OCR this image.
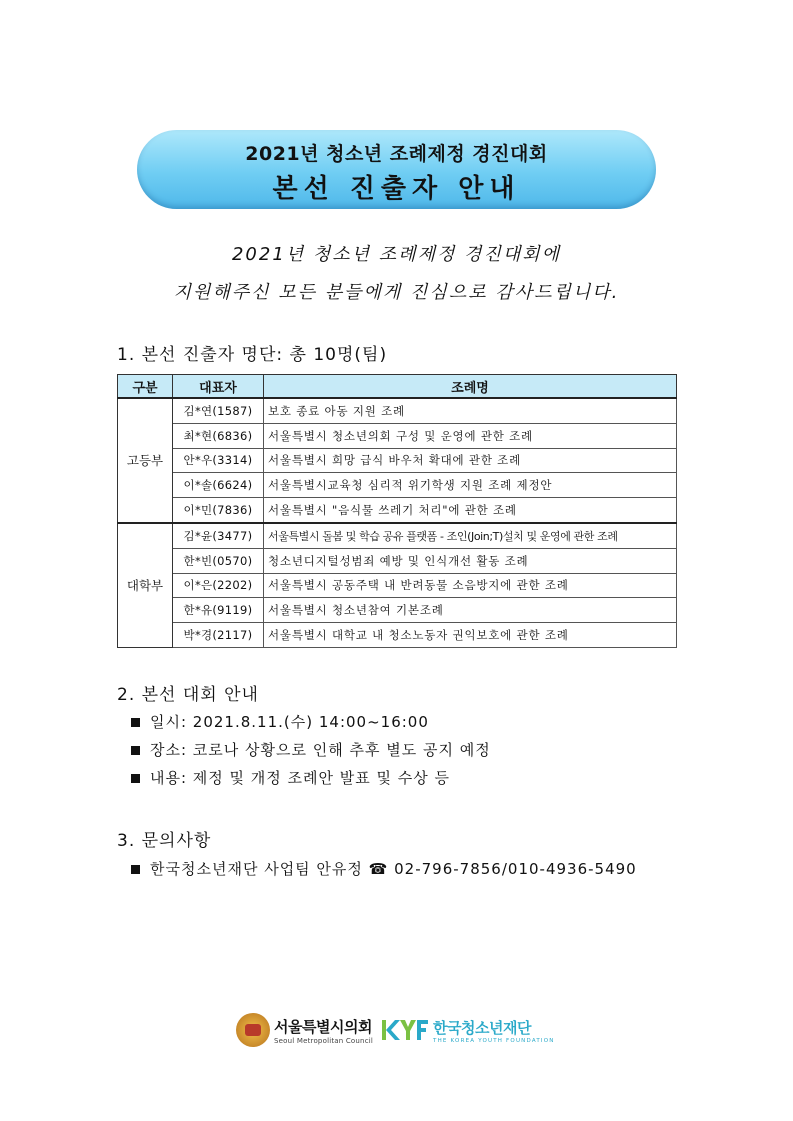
2021년 청소년 조례제정 경진대회
본선 진출자 안내
2021년 청소년 조례제정 경진대회에
지원해주신 모든 분들에게 진심으로 감사드립니다.
1. 본선 진출자 명단: 총 10명(팀)
구분	대표자	조례명
고등부	김*연(1587)	보호 종료 아동 지원 조례
	최*현(6836)	서울특별시 청소년의회 구성 및 운영에 관한 조례
	안*우(3314)	서울특별시 희망 급식 바우처 확대에 관한 조례
	이*솔(6624)	서울특별시교육청 심리적 위기학생 지원 조례 제정안
	이*민(7836)	서울특별시 "음식물 쓰레기 처리"에 관한 조례
대학부	김*윤(3477)	서울특별시 돌봄 및 학습 공유 플랫폼 - 조인(Join;T)설치 및 운영에 관한 조례
	한*빈(0570)	청소년디지털성범죄 예방 및 인식개선 활동 조례
	이*은(2202)	서울특별시 공동주택 내 반려동물 소음방지에 관한 조례
	한*유(9119)	서울특별시 청소년참여 기본조례
	박*경(2117)	서울특별시 대학교 내 청소노동자 권익보호에 관한 조례
2. 본선 대회 안내
일시: 2021.8.11.(수) 14:00~16:00
장소: 코로나 상황으로 인해 추후 별도 공지 예정
내용: 제정 및 개정 조례안 발표 및 수상 등
3. 문의사항
한국청소년재단 사업팀 안유정 ☎ 02-796-7856/010-4936-5490
서울특별시의회
Seoul Metropolitan Council
한국청소년재단
THE KOREA YOUTH FOUNDATION
